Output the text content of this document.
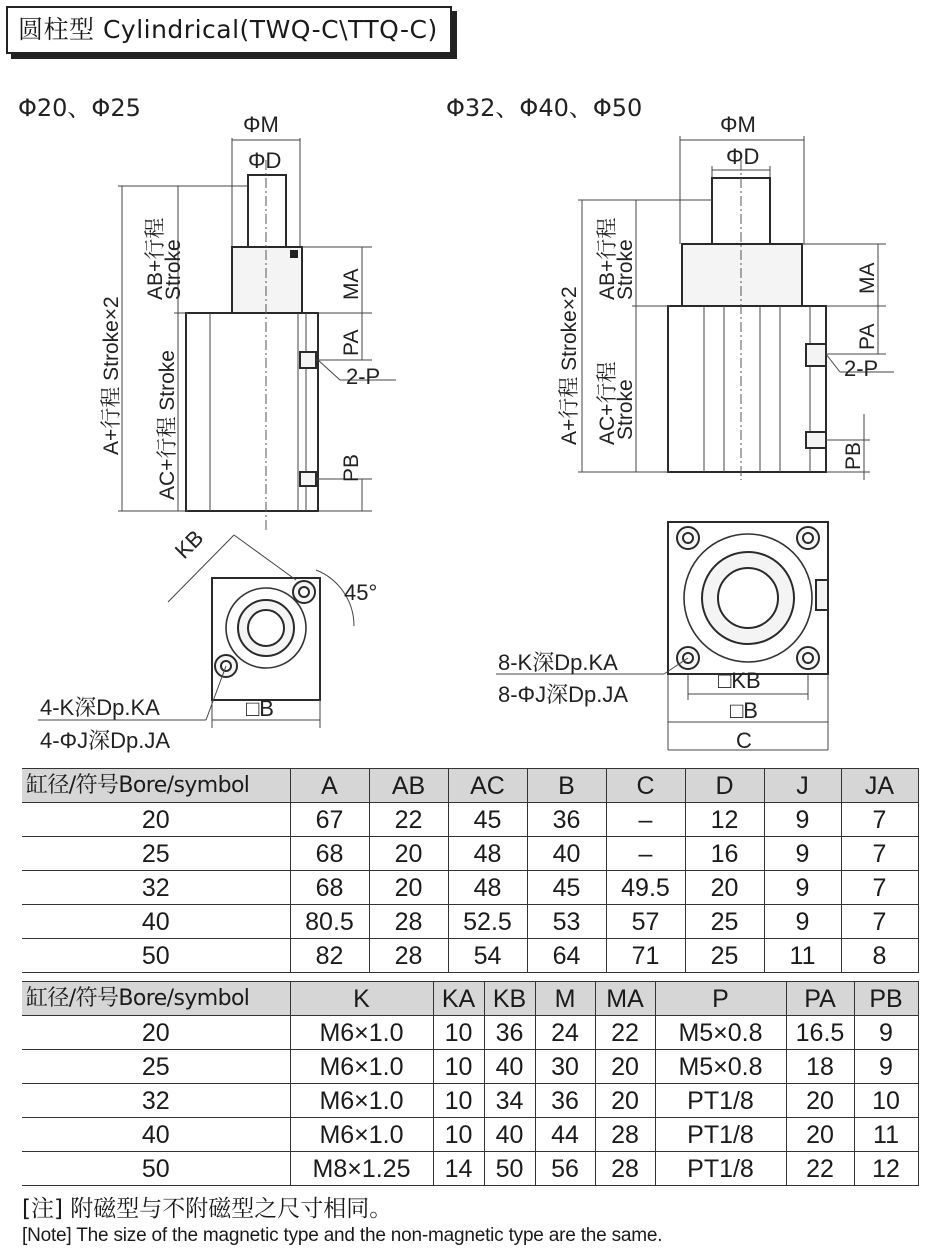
圆柱型 Cylindrical(TWQ-C\TTQ-C)
Φ20、Φ25
ΦM
ΦD
A+行程 Stroke×2
AB+行程
Stroke
AC+行程 Stroke
MA
PA
2-P
PB
KB
45°
□B
4-K深Dp.KA
4-ΦJ深Dp.JA
Φ32、Φ40、Φ50
ΦM
ΦD
A+行程 Stroke×2
AB+行程
Stroke
AC+行程
Stroke
MA
PA
2-P
PB
□KB
□B
C
8-K深Dp.KA
8-ΦJ深Dp.JA
缸径/符号Bore/symbol	A	AB	AC	B	C	D	J	JA
20	67	22	45	36	–	12	9	7
25	68	20	48	40	–	16	9	7
32	68	20	48	45	49.5	20	9	7
40	80.5	28	52.5	53	57	25	9	7
50	82	28	54	64	71	25	11	8
缸径/符号Bore/symbol	K	KA	KB	M	MA	P	PA	PB
20	M6×1.0	10	36	24	22	M5×0.8	16.5	9
25	M6×1.0	10	40	30	20	M5×0.8	18	9
32	M6×1.0	10	34	36	20	PT1/8	20	10
40	M6×1.0	10	40	44	28	PT1/8	20	11
50	M8×1.25	14	50	56	28	PT1/8	22	12
[注] 附磁型与不附磁型之尺寸相同。
[Note] The size of the magnetic type and the non-magnetic type are the same.
